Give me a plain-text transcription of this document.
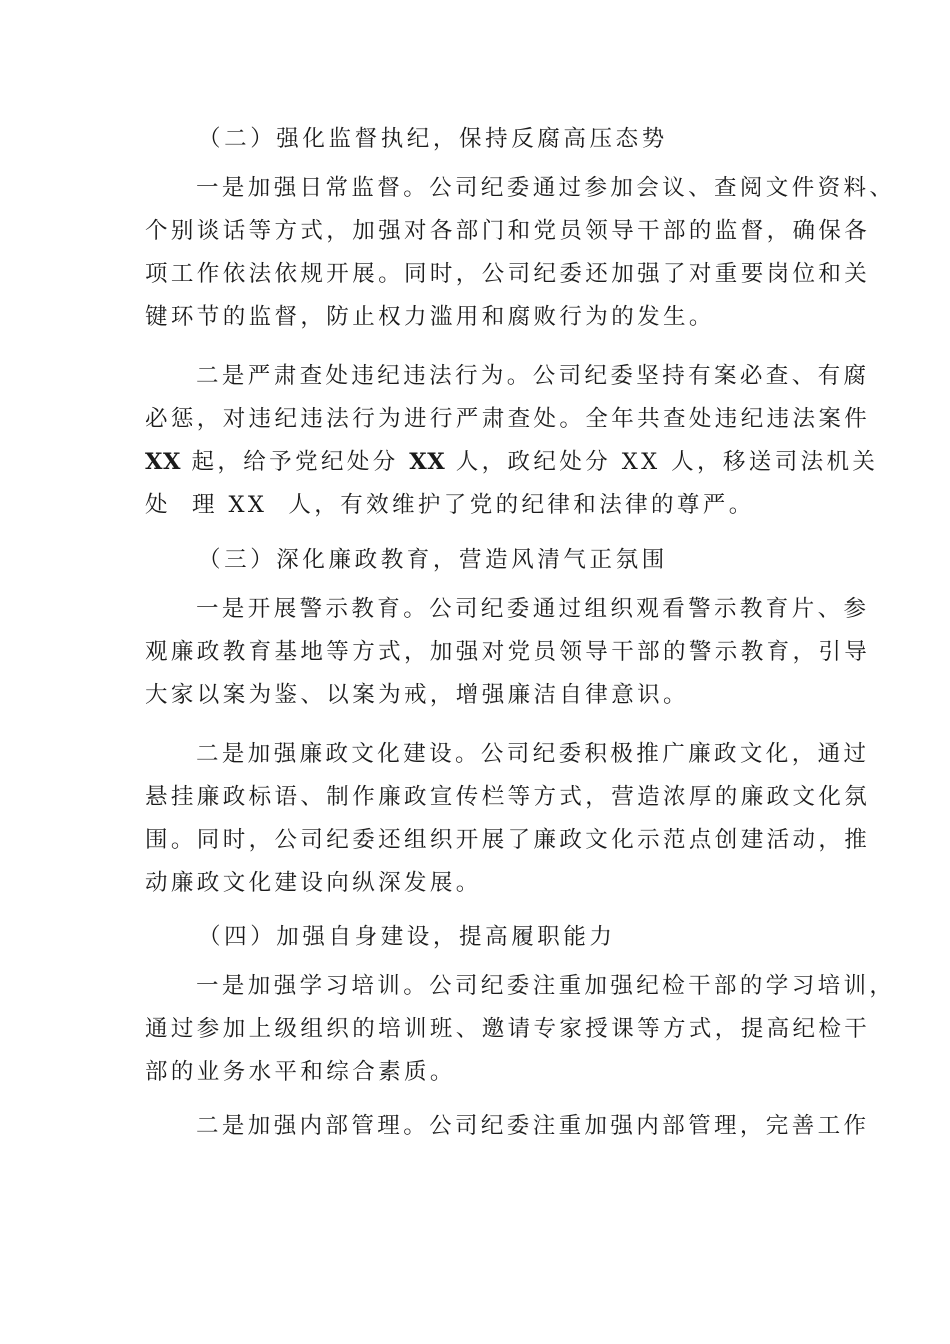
（二）强化监督执纪，保持反腐高压态势
一是加强日常监督。公司纪委通过参加会议、查阅文件资料、
个别谈话等方式，加强对各部门和党员领导干部的监督，确保各
项工作依法依规开展。同时，公司纪委还加强了对重要岗位和关
键环节的监督，防止权力滥用和腐败行为的发生。
二是严肃查处违纪违法行为。公司纪委坚持有案必查、有腐
必惩，对违纪违法行为进行严肃查处。全年共查处违纪违法案件
XX 起，给予党纪处分 XX 人，政纪处分 XX 人，移送司法机关
处  理 XX  人，有效维护了党的纪律和法律的尊严。
（三）深化廉政教育，营造风清气正氛围
一是开展警示教育。公司纪委通过组织观看警示教育片、参
观廉政教育基地等方式，加强对党员领导干部的警示教育，引导
大家以案为鉴、以案为戒，增强廉洁自律意识。
二是加强廉政文化建设。公司纪委积极推广廉政文化，通过
悬挂廉政标语、制作廉政宣传栏等方式，营造浓厚的廉政文化氛
围。同时，公司纪委还组织开展了廉政文化示范点创建活动，推
动廉政文化建设向纵深发展。
（四）加强自身建设，提高履职能力
一是加强学习培训。公司纪委注重加强纪检干部的学习培训，
通过参加上级组织的培训班、邀请专家授课等方式，提高纪检干
部的业务水平和综合素质。
二是加强内部管理。公司纪委注重加强内部管理，完善工作
